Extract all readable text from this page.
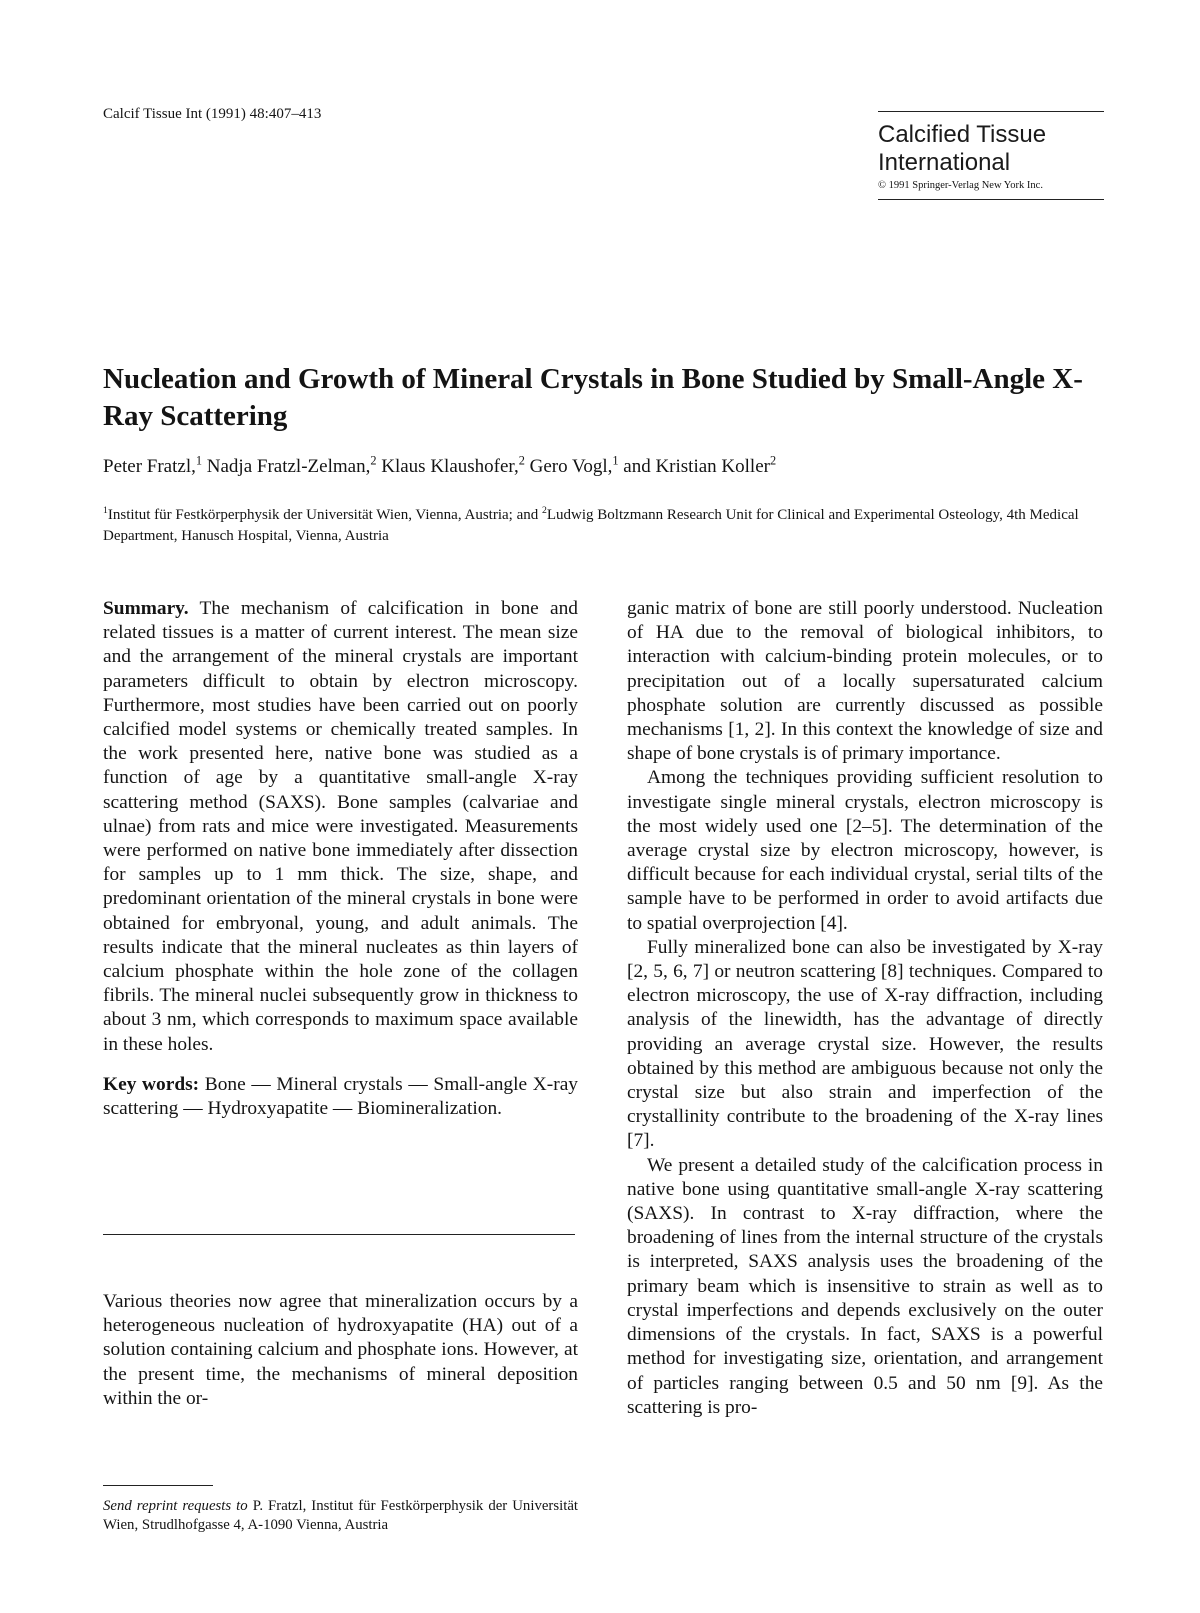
Calcif Tissue Int (1991) 48:407–413
Calcified Tissue
International
© 1991 Springer-Verlag New York Inc.
Nucleation and Growth of Mineral Crystals in Bone Studied by Small-Angle X-Ray Scattering
Peter Fratzl,$^1$ Nadja Fratzl-Zelman,$^2$ Klaus Klaushofer,$^2$ Gero Vogl,$^1$ and Kristian Koller$^2$
$^1$Institut für Festkörperphysik der Universität Wien, Vienna, Austria; and $^2$Ludwig Boltzmann Research Unit for Clinical and Experimental Osteology, 4th Medical Department, Hanusch Hospital, Vienna, Austria

Summary. The mechanism of calcification in bone and related tissues is a matter of current interest. The mean size and the arrangement of the mineral crystals are important parameters difficult to obtain by electron microscopy. Furthermore, most studies have been carried out on poorly calcified model systems or chemically treated samples. In the work presented here, native bone was studied as a function of age by a quantitative small-angle X-ray scattering method (SAXS). Bone samples (calvariae and ulnae) from rats and mice were investigated. Measurements were performed on native bone immediately after dissection for samples up to 1 mm thick. The size, shape, and predominant orientation of the mineral crystals in bone were obtained for embryonal, young, and adult animals. The results indicate that the mineral nucleates as thin layers of calcium phosphate within the hole zone of the collagen fibrils. The mineral nuclei subsequently grow in thickness to about 3 nm, which corresponds to maximum space available in these holes.

Key words: Bone — Mineral crystals — Small-angle X-ray scattering — Hydroxyapatite — Biomineralization.

Various theories now agree that mineralization occurs by a heterogeneous nucleation of hydroxyapatite (HA) out of a solution containing calcium and phosphate ions. However, at the present time, the mechanisms of mineral deposition within the or-

Send reprint requests to P. Fratzl, Institut für Festkörperphysik der Universität Wien, Strudlhofgasse 4, A-1090 Vienna, Austria

ganic matrix of bone are still poorly understood. Nucleation of HA due to the removal of biological inhibitors, to interaction with calcium-binding protein molecules, or to precipitation out of a locally supersaturated calcium phosphate solution are currently discussed as possible mechanisms [1, 2]. In this context the knowledge of size and shape of bone crystals is of primary importance.

Among the techniques providing sufficient resolution to investigate single mineral crystals, electron microscopy is the most widely used one [2–5]. The determination of the average crystal size by electron microscopy, however, is difficult because for each individual crystal, serial tilts of the sample have to be performed in order to avoid artifacts due to spatial overprojection [4].

Fully mineralized bone can also be investigated by X-ray [2, 5, 6, 7] or neutron scattering [8] techniques. Compared to electron microscopy, the use of X-ray diffraction, including analysis of the linewidth, has the advantage of directly providing an average crystal size. However, the results obtained by this method are ambiguous because not only the crystal size but also strain and imperfection of the crystallinity contribute to the broadening of the X-ray lines [7].

We present a detailed study of the calcification process in native bone using quantitative small-angle X-ray scattering (SAXS). In contrast to X-ray diffraction, where the broadening of lines from the internal structure of the crystals is interpreted, SAXS analysis uses the broadening of the primary beam which is insensitive to strain as well as to crystal imperfections and depends exclusively on the outer dimensions of the crystals. In fact, SAXS is a powerful method for investigating size, orientation, and arrangement of particles ranging between 0.5 and 50 nm [9]. As the scattering is pro-
